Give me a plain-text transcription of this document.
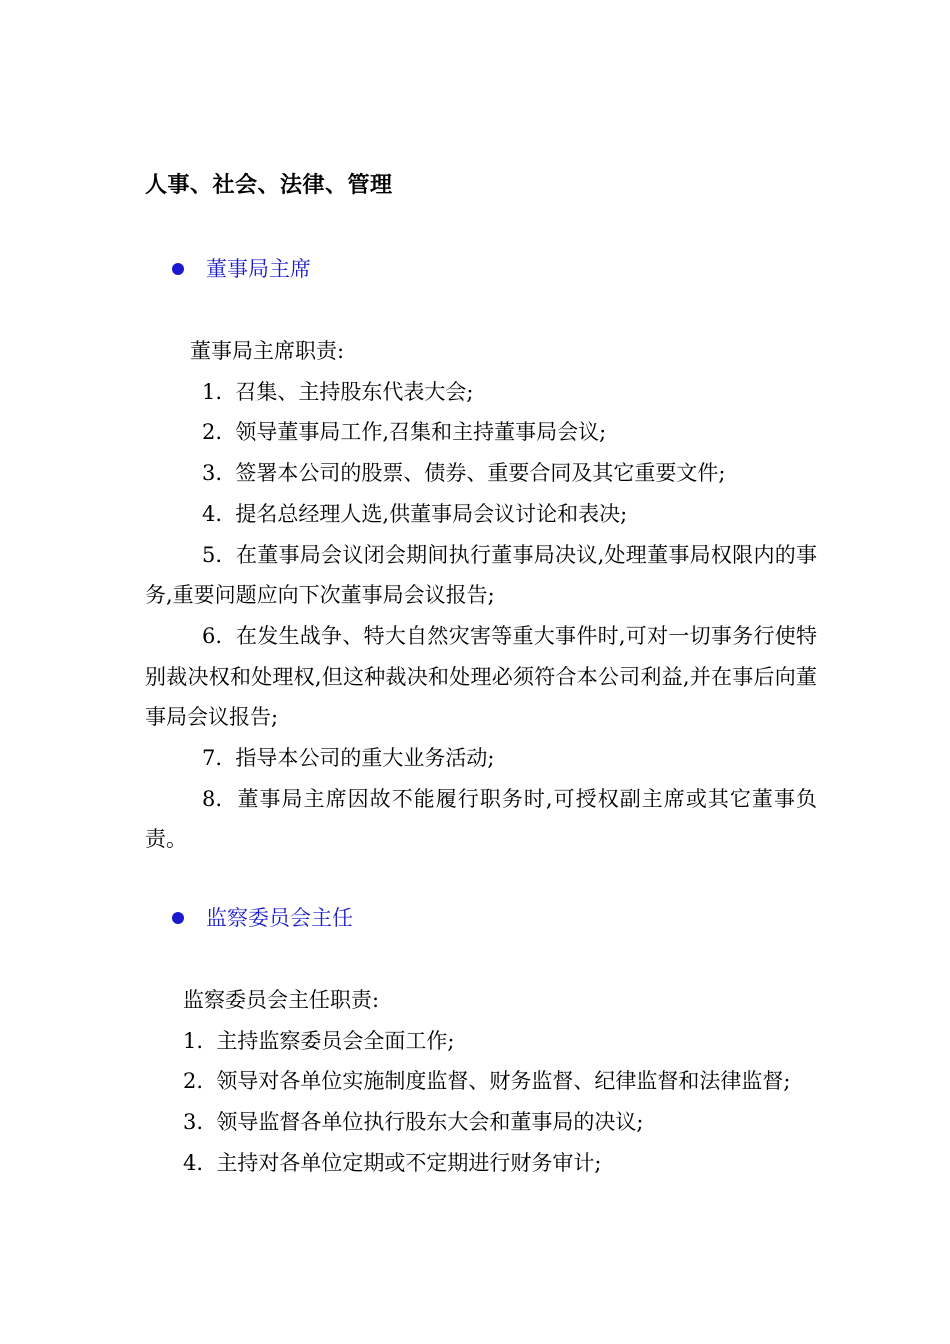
人事、社会、法律、管理
董事局主席
董事局主席职责:
1. 召集、主持股东代表大会;
2. 领导董事局工作,召集和主持董事局会议;
3. 签署本公司的股票、债券、重要合同及其它重要文件;
4. 提名总经理人选,供董事局会议讨论和表决;
5. 在董事局会议闭会期间执行董事局决议,处理董事局权限内的事务,重要问题应向下次董事局会议报告;
6. 在发生战争、特大自然灾害等重大事件时,可对一切事务行使特别裁决权和处理权,但这种裁决和处理必须符合本公司利益,并在事后向董事局会议报告;
7. 指导本公司的重大业务活动;
8. 董事局主席因故不能履行职务时,可授权副主席或其它董事负责。
监察委员会主任
监察委员会主任职责:
1. 主持监察委员会全面工作;
2. 领导对各单位实施制度监督、财务监督、纪律监督和法律监督;
3. 领导监督各单位执行股东大会和董事局的决议;
4. 主持对各单位定期或不定期进行财务审计;
